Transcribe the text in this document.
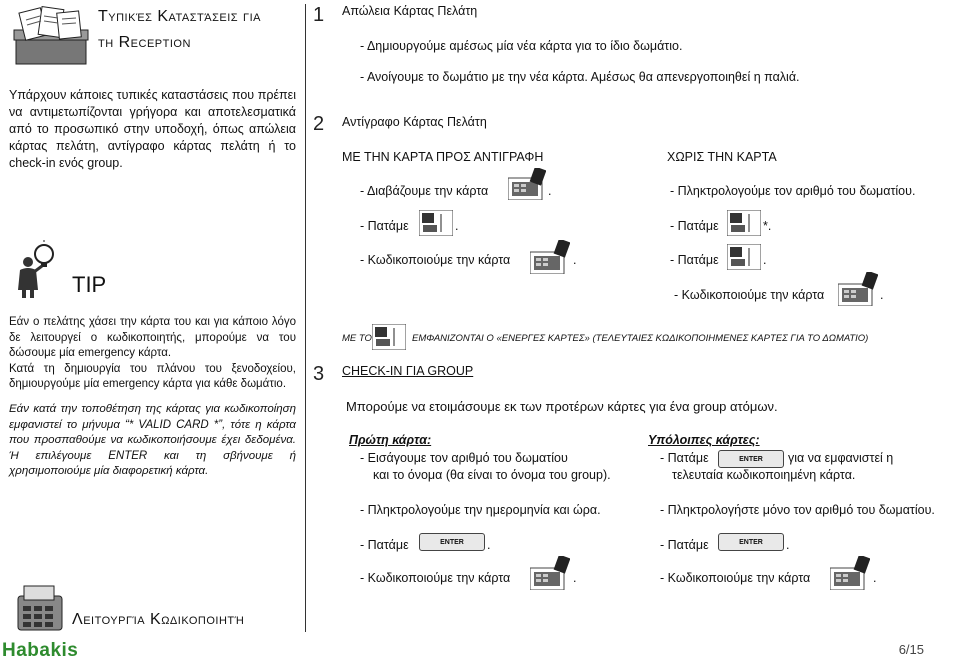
Τυπικές Καταστάσεις για
τη Reception
Υπάρχουν κάποιες τυπικές καταστάσεις που πρέπει να αντιμετωπίζονται γρήγορα και αποτελεσματικά από το προσωπικό στην υποδοχή, όπως απώλεια κάρτας πελάτη, αντίγραφο κάρτας πελάτη ή το check-in ενός group.
TIP

Εάν ο πελάτης χάσει την κάρτα του και για κάποιο λόγο δε λειτουργεί ο κωδικοποιητής, μπορούμε να του δώσουμε μία emergency κάρτα.

Κατά τη δημιουργία του πλάνου του ξενοδοχείου, δημιουργούμε μία emergency κάρτα για κάθε δωμάτιο.

Εάν κατά την τοποθέτηση της κάρτας για κωδικοποίηση εμφανιστεί το μήνυμα “* VALID CARD *”, τότε η κάρτα που προσπαθούμε να κωδικοποιήσουμε έχει δεδομένα. Ή επιλέγουμε ENTER και τη σβήνουμε ή χρησιμοποιούμε μία διαφορετική κάρτα.
Λειτουργία Κωδικοποιητή
Habakis
1 Απώλεια Κάρτας Πελάτη
- Δημιουργούμε αμέσως μία νέα κάρτα για το ίδιο δωμάτιο.
- Ανοίγουμε το δωμάτιο με την νέα κάρτα. Αμέσως θα απενεργοποιηθεί η παλιά.
2 Αντίγραφο Κάρτας Πελάτη
ΜΕ ΤΗΝ ΚΑΡΤΑ ΠΡΟΣ ΑΝΤΙΓΡΑΦΗ	ΧΩΡΙΣ ΤΗΝ ΚΑΡΤΑ
- Διαβάζουμε την κάρτα	.
- Πατάμε	.
- Κωδικοποιούμε την κάρτα	.
- Πληκτρολογούμε τον αριθμό του δωματίου.
- Πατάμε	*.
- Πατάμε	.
- Κωδικοποιούμε την κάρτα	.
ΜΕ ΤΟ	ΕΜΦΑΝΙΖΟΝΤΑΙ Ο «ΕΝΕΡΓΕΣ ΚΑΡΤΕΣ» (ΤΕΛΕΥΤΑΙΕΣ ΚΩΔΙΚΟΠΟΙΗΜΕΝΕΣ ΚΑΡΤΕΣ ΓΙΑ ΤΟ ΔΩΜΑΤΙΟ)
3 CHECK-IN ΓΙΑ GROUP
Μπορούμε να ετοιμάσουμε εκ των προτέρων κάρτες για ένα group ατόμων.
Πρώτη κάρτα:
- Εισάγουμε τον αριθμό του δωματίου
και το όνομα (θα είναι το όνομα του group).
- Πληκτρολογούμε την ημερομηνία και ώρα.
- Πατάμε	ENTER	.
- Κωδικοποιούμε την κάρτα	.
Υπόλοιπες κάρτες:
- Πατάμε	ENTER	για να εμφανιστεί η
τελευταία κωδικοποιημένη κάρτα.
- Πληκτρολογήστε μόνο τον αριθμό του δωματίου.
- Πατάμε	ENTER	.
- Κωδικοποιούμε την κάρτα	.
6/15
